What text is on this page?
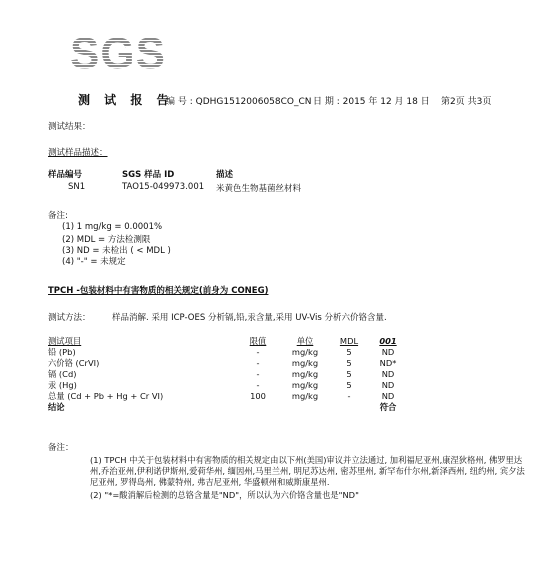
SGS
测 试 报 告
编 号 : QDHG1512006058CO_CN 日 期 : 2015 年 12 月 18 日 第2页 共3页
测试结果：
测试样品描述：
样品编号	SGS 样品 ID	描述
SN1	TAO15-049973.001 米黄色生物基菌丝材料
备注:
(1) 1 mg/kg = 0.0001%
(2) MDL = 方法检测限
(3) ND = 未检出 ( < MDL )
(4) "-" = 未规定
TPCH -包装材料中有害物质的相关规定(前身为 CONEG)
测试方法：	样品消解. 采用 ICP-OES 分析镉,铅,汞含量,采用 UV-Vis 分析六价铬含量.
测试项目	限值	单位	MDL	001
铅 (Pb)	-	mg/kg	5	ND
六价铬 (CrVI)	-	mg/kg	5	ND*
镉 (Cd)	-	mg/kg	5	ND
汞 (Hg)	-	mg/kg	5	ND
总量 (Cd + Pb + Hg + Cr VI)	100	mg/kg	-	ND
结论				符合
备注：
(1) TPCH 中关于包装材料中有害物质的相关规定由以下州(美国)审议并立法通过, 加利福尼亚州,康涅狄格州, 佛罗里达州,乔治亚州,伊利诺伊斯州,爱荷华州, 缅因州,马里兰州, 明尼苏达州, 密苏里州, 新罕布什尔州,新泽西州, 纽约州, 宾夕法尼亚州, 罗得岛州, 佛蒙特州, 弗吉尼亚州, 华盛顿州和威斯康星州.
(2) "*=酸消解后检测的总铬含量是"ND"，所以认为六价铬含量也是"ND"
